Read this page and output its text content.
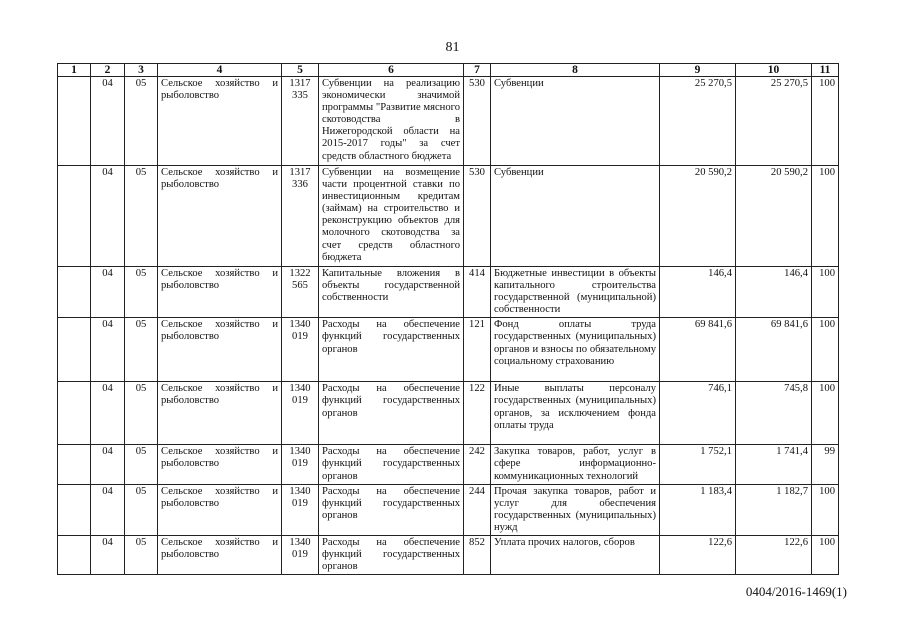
81
1	2	3	4	5	6	7	8	9	10	11
	04	05	Сельское хозяйство и рыболовство	1317 335	Субвенции на реализацию экономически значимой программы "Развитие мясного скотоводства в Нижегородской области на 2015-2017 годы" за счет средств областного бюджета	530	Субвенции	25 270,5	25 270,5	100
	04	05	Сельское хозяйство и рыболовство	1317 336	Субвенции на возмещение части процентной ставки по инвестиционным кредитам (займам) на строительство и реконструкцию объектов для молочного скотоводства за счет средств областного бюджета	530	Субвенции	20 590,2	20 590,2	100
	04	05	Сельское хозяйство и рыболовство	1322 565	Капитальные вложения в объекты государственной собственности	414	Бюджетные инвестиции в объекты капитального строительства государственной (муниципальной) собственности	146,4	146,4	100
	04	05	Сельское хозяйство и рыболовство	1340 019	Расходы на обеспечение функций государственных органов	121	Фонд оплаты труда государственных (муниципальных) органов и взносы по обязательному социальному страхованию	69 841,6	69 841,6	100
	04	05	Сельское хозяйство и рыболовство	1340 019	Расходы на обеспечение функций государственных органов	122	Иные выплаты персоналу государственных (муниципальных) органов, за исключением фонда оплаты труда	746,1	745,8	100
	04	05	Сельское хозяйство и рыболовство	1340 019	Расходы на обеспечение функций государственных органов	242	Закупка товаров, работ, услуг в сфере информационно-коммуникационных технологий	1 752,1	1 741,4	99
	04	05	Сельское хозяйство и рыболовство	1340 019	Расходы на обеспечение функций государственных органов	244	Прочая закупка товаров, работ и услуг для обеспечения государственных (муниципальных) нужд	1 183,4	1 182,7	100
	04	05	Сельское хозяйство и рыболовство	1340 019	Расходы на обеспечение функций государственных органов	852	Уплата прочих налогов, сборов	122,6	122,6	100
0404/2016-1469(1)
